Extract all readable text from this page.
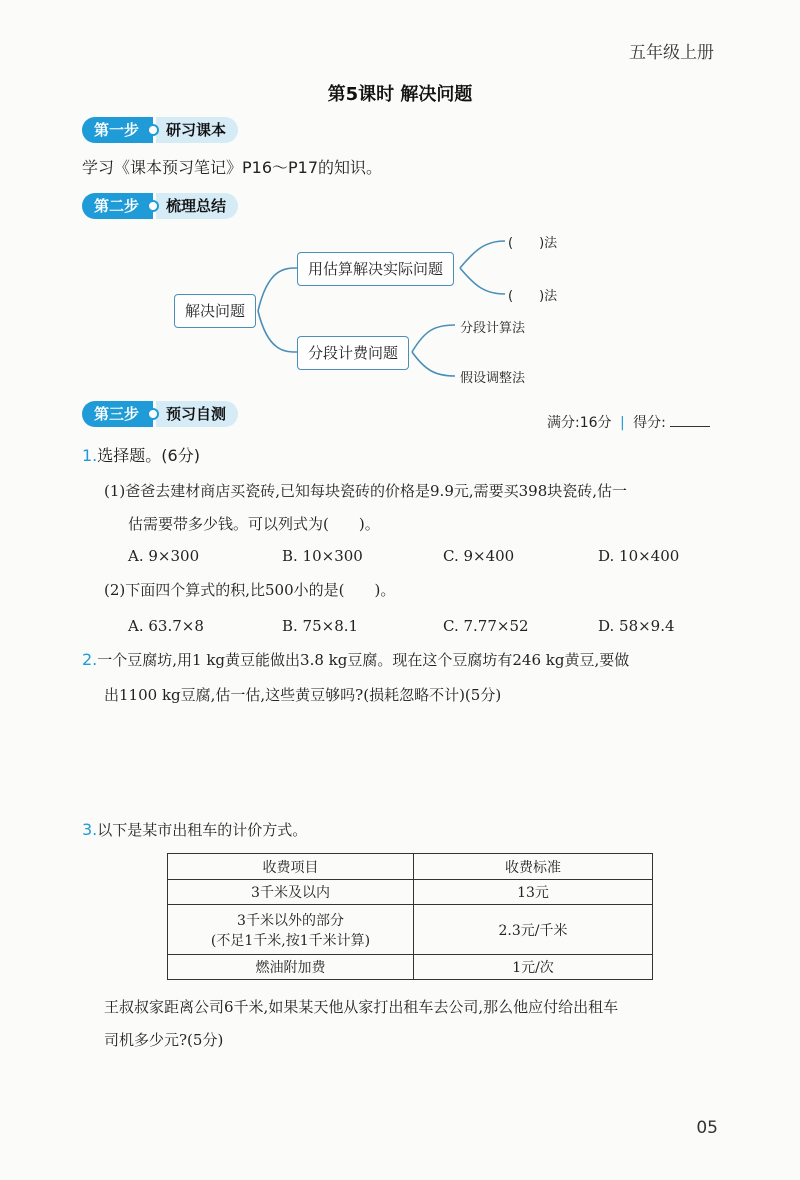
五年级上册
第5课时 解决问题
第一步	研习课本
学习《课本预习笔记》P16～P17的知识。
第二步	梳理总结
解决问题
用估算解决实际问题
分段计费问题
(　　)法
(　　)法
分段计算法
假设调整法
第三步	预习自测	满分:16分 | 得分:
1.选择题。(6分)
(1)爸爸去建材商店买瓷砖,已知每块瓷砖的价格是9.9元,需要买398块瓷砖,估一
估需要带多少钱。可以列式为(　　)。
A. 9×300	B. 10×300	C. 9×400	D. 10×400
(2)下面四个算式的积,比500小的是(　　)。
A. 63.7×8	B. 75×8.1	C. 7.77×52	D. 58×9.4
2.一个豆腐坊,用1 kg黄豆能做出3.8 kg豆腐。现在这个豆腐坊有246 kg黄豆,要做
出1100 kg豆腐,估一估,这些黄豆够吗?(损耗忽略不计)(5分)
3.以下是某市出租车的计价方式。
收费项目	收费标准
3千米及以内	13元

3千米以外的部分
(不足1千米,按1千米计算)	2.3元/千米
燃油附加费	1元/次
王叔叔家距离公司6千米,如果某天他从家打出租车去公司,那么他应付给出租车
司机多少元?(5分)
05
